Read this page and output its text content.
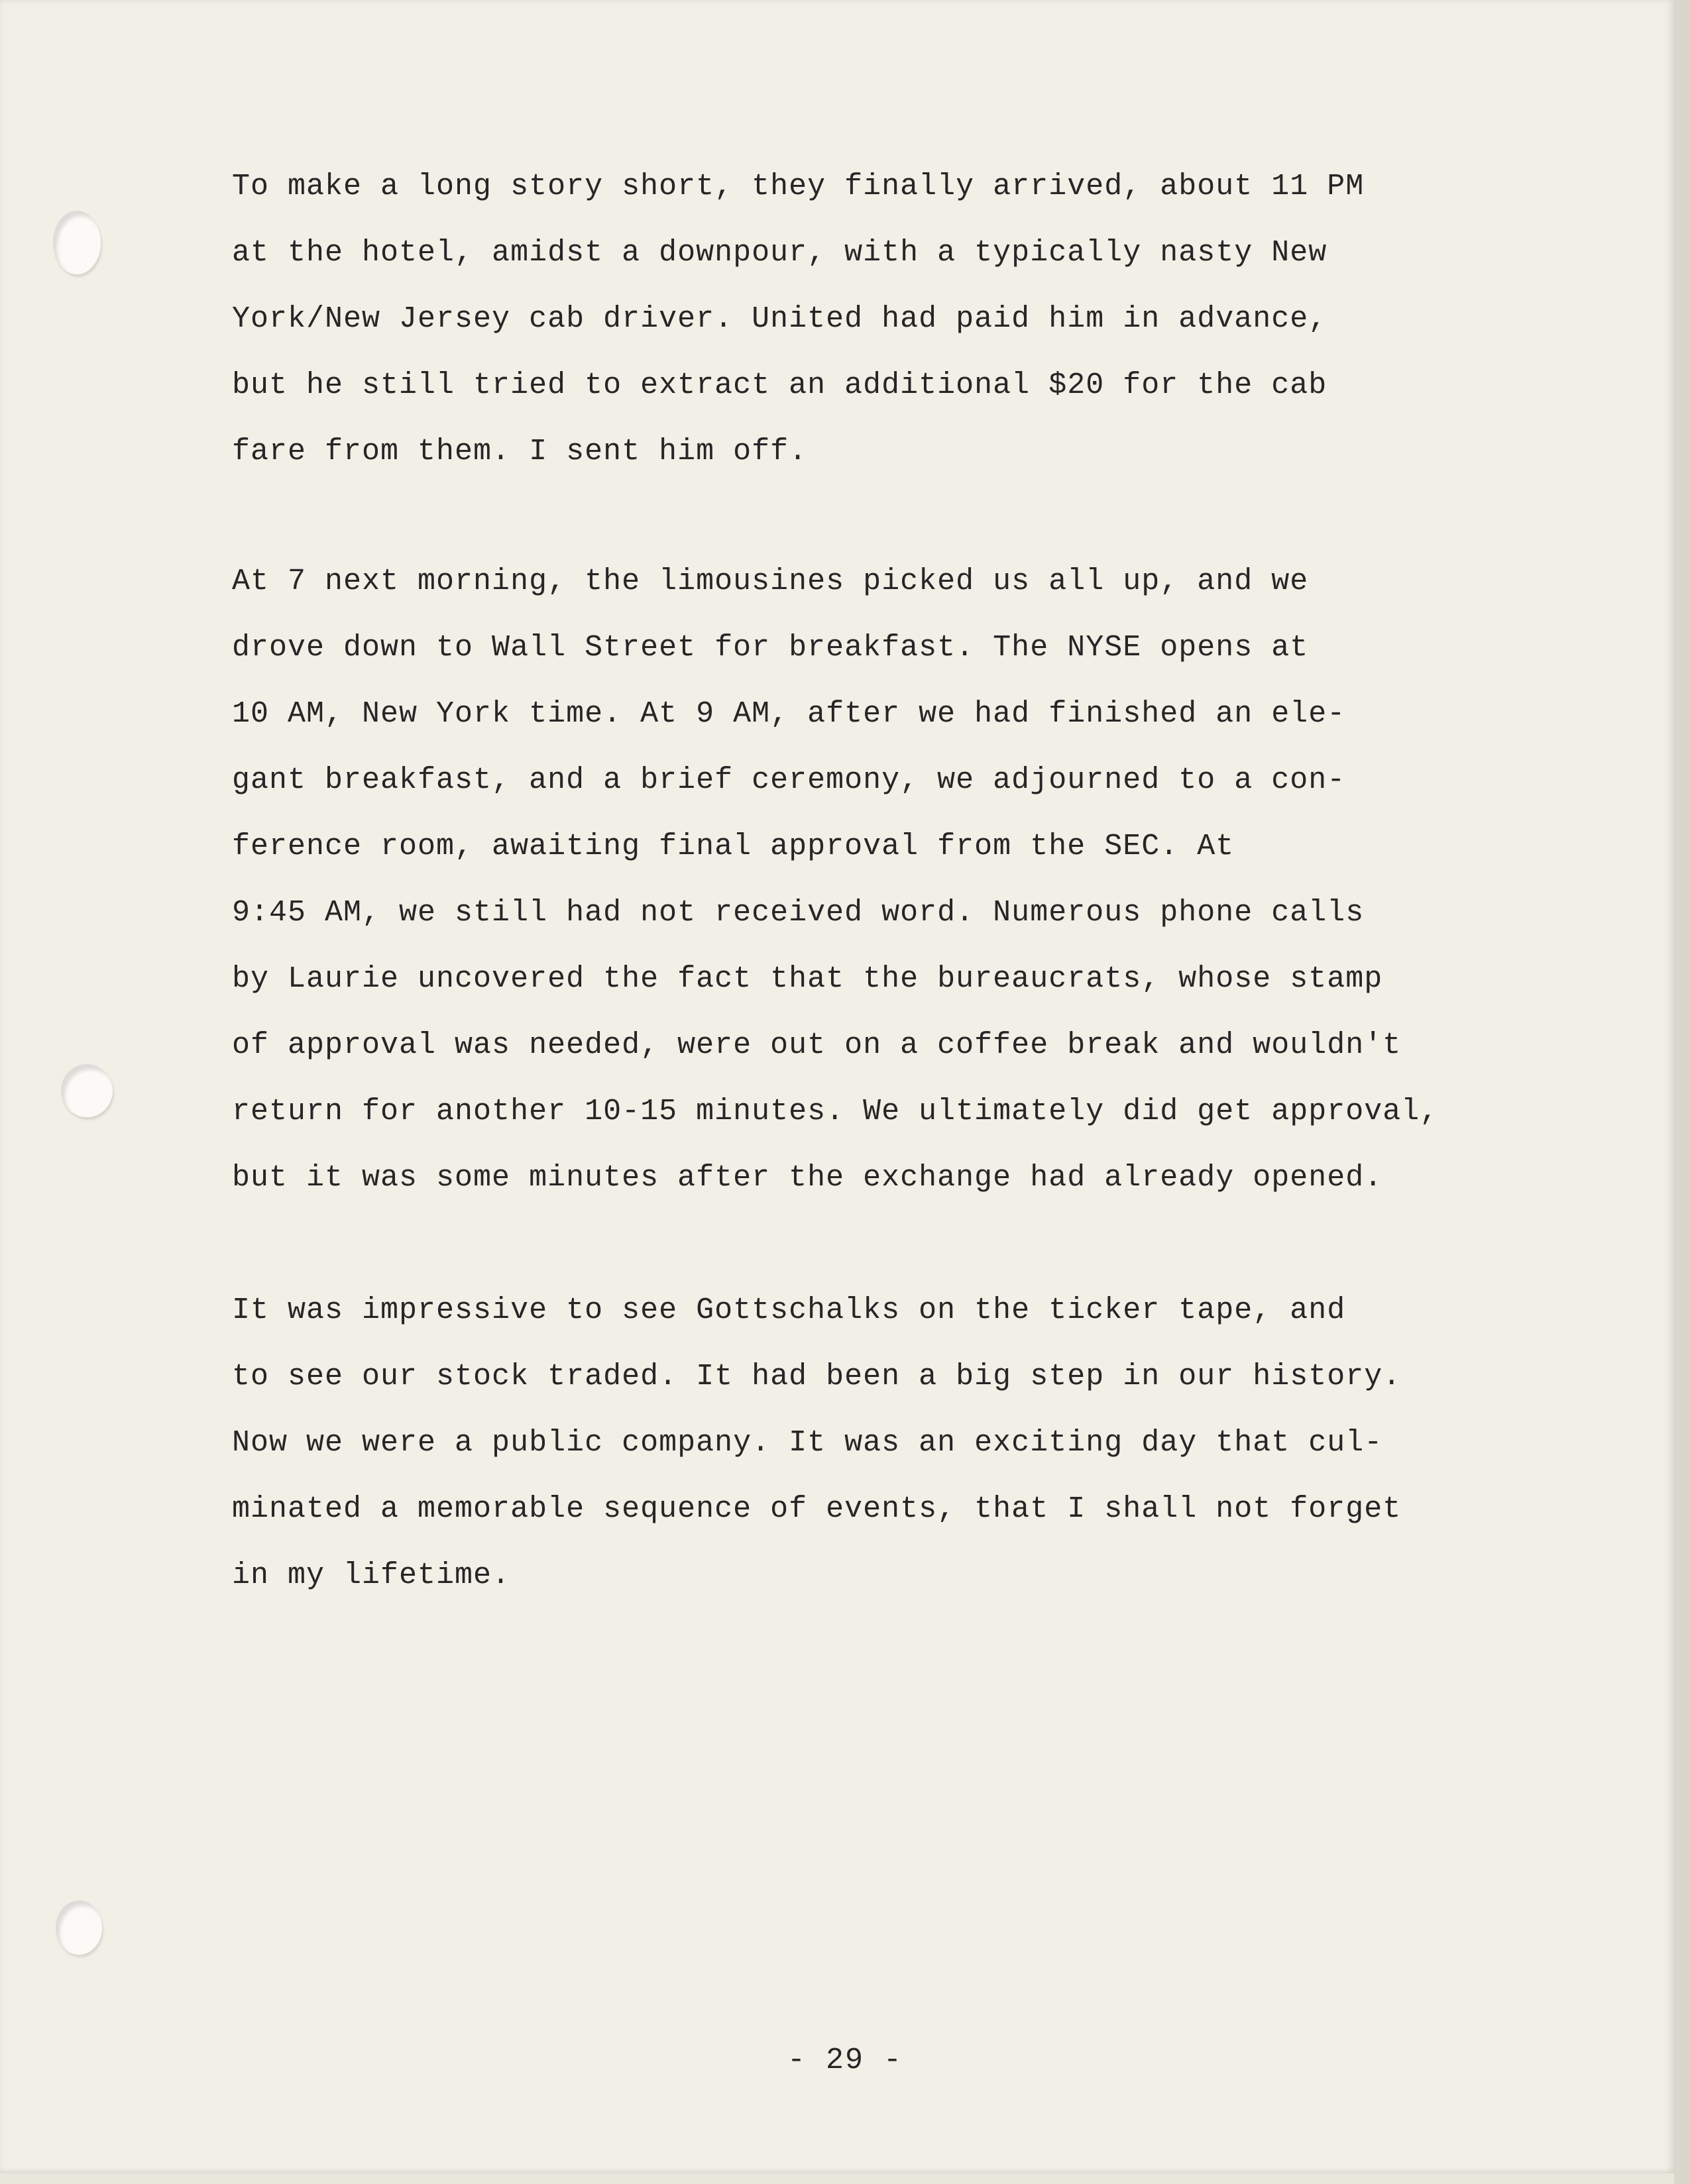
To make a long story short, they finally arrived, about 11 PM
at the hotel, amidst a downpour, with a typically nasty New
York/New Jersey cab driver. United had paid him in advance,
but he still tried to extract an additional $20 for the cab
fare from them. I sent him off.

At 7 next morning, the limousines picked us all up, and we
drove down to Wall Street for breakfast. The NYSE opens at
10 AM, New York time. At 9 AM, after we had finished an ele-
gant breakfast, and a brief ceremony, we adjourned to a con-
ference room, awaiting final approval from the SEC. At
9:45 AM, we still had not received word. Numerous phone calls
by Laurie uncovered the fact that the bureaucrats, whose stamp
of approval was needed, were out on a coffee break and wouldn't
return for another 10-15 minutes. We ultimately did get approval,
but it was some minutes after the exchange had already opened.

It was impressive to see Gottschalks on the ticker tape, and
to see our stock traded. It had been a big step in our history.
Now we were a public company. It was an exciting day that cul-
minated a memorable sequence of events, that I shall not forget
in my lifetime.

- 29 -
